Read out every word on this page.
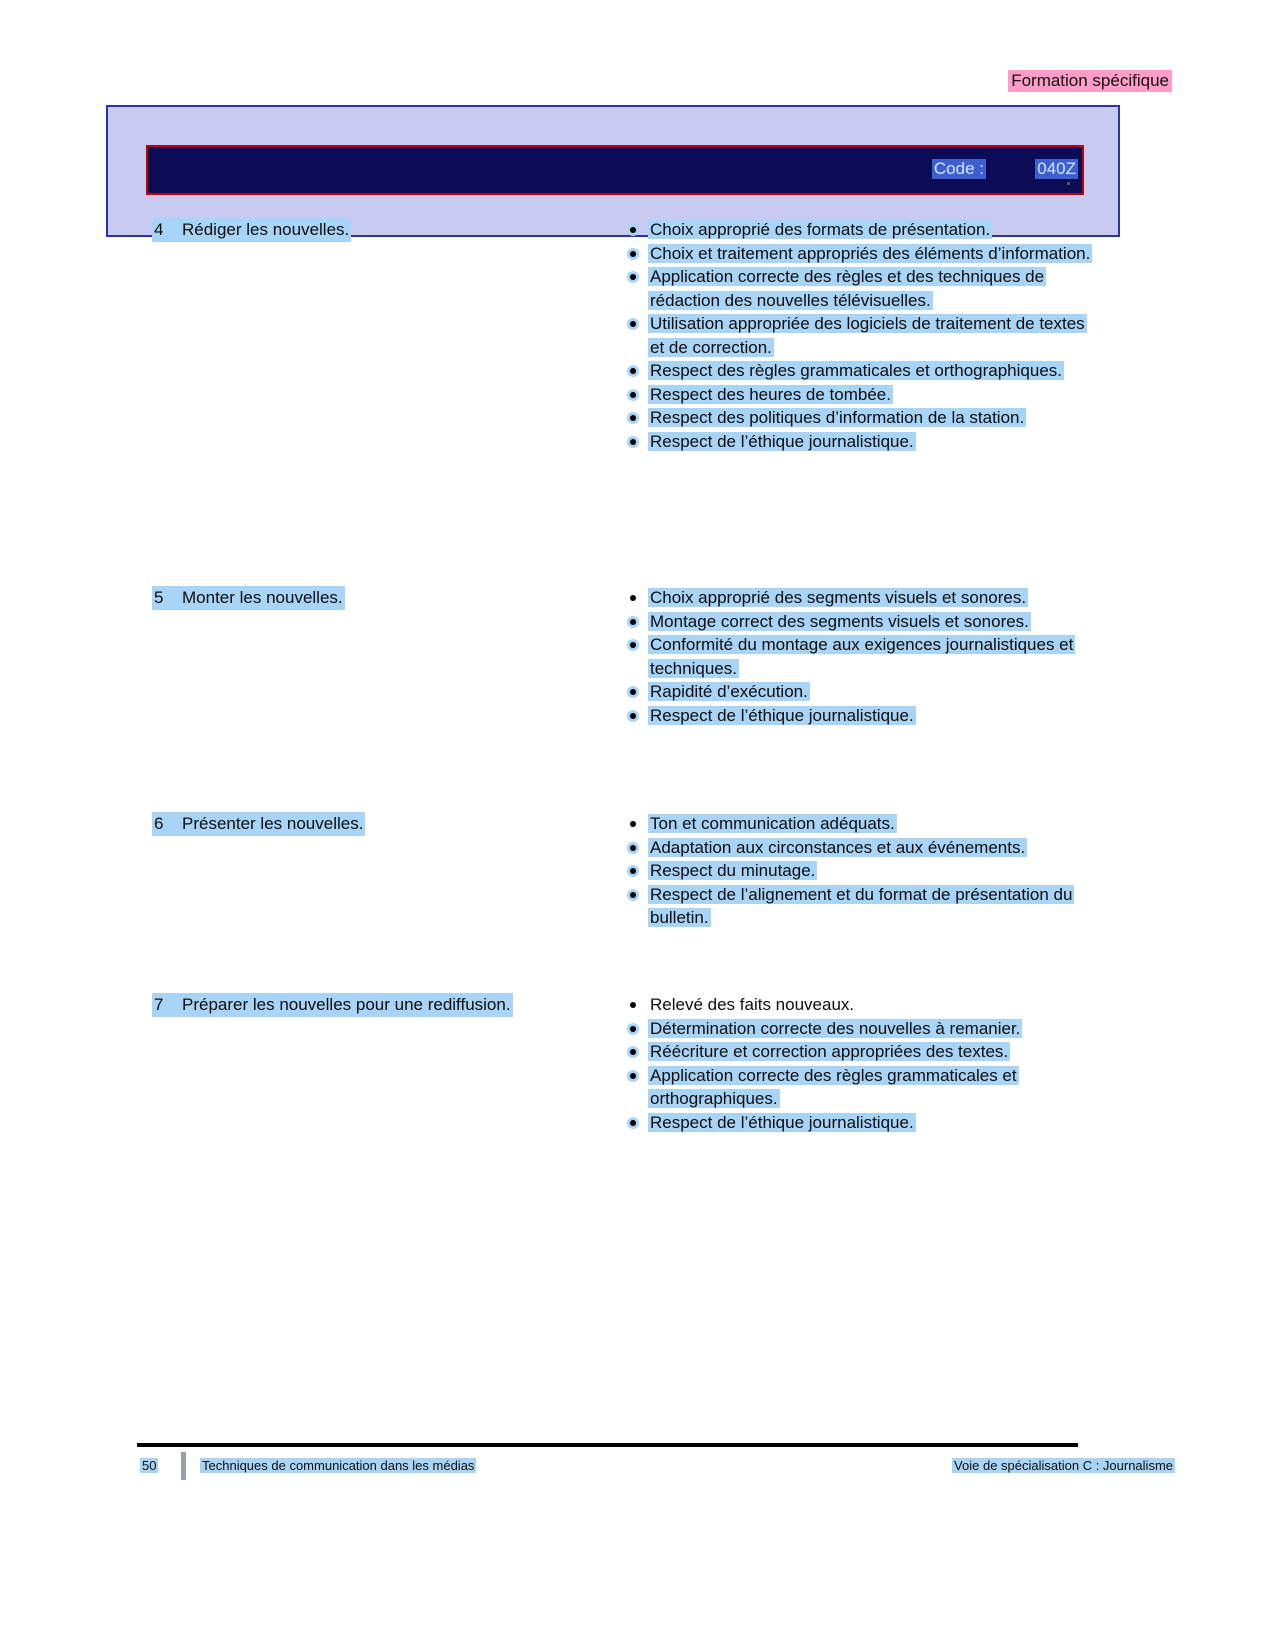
Formation spécifique
Code :	040Z
4 Rédiger les nouvelles.	Choix approprié des formats de présentation.
Choix et traitement appropriés des éléments d’information.
Application correcte des règles et des techniques de rédaction des nouvelles télévisuelles.
Utilisation appropriée des logiciels de traitement de textes et de correction.
Respect des règles grammaticales et orthographiques.
Respect des heures de tombée.
Respect des politiques d’information de la station.
Respect de l’éthique journalistique.
5 Monter les nouvelles.	Choix approprié des segments visuels et sonores.
Montage correct des segments visuels et sonores.
Conformité du montage aux exigences journalistiques et techniques.
Rapidité d’exécution.
Respect de l’éthique journalistique.
6 Présenter les nouvelles.	Ton et communication adéquats.
Adaptation aux circonstances et aux événements.
Respect du minutage.
Respect de l’alignement et du format de présentation du bulletin.
7 Préparer les nouvelles pour une rediffusion.	Relevé des faits nouveaux.
Détermination correcte des nouvelles à remanier.
Réécriture et correction appropriées des textes.
Application correcte des règles grammaticales et orthographiques.
Respect de l’éthique journalistique.
50	Techniques de communication dans les médias	Voie de spécialisation C : Journalisme
